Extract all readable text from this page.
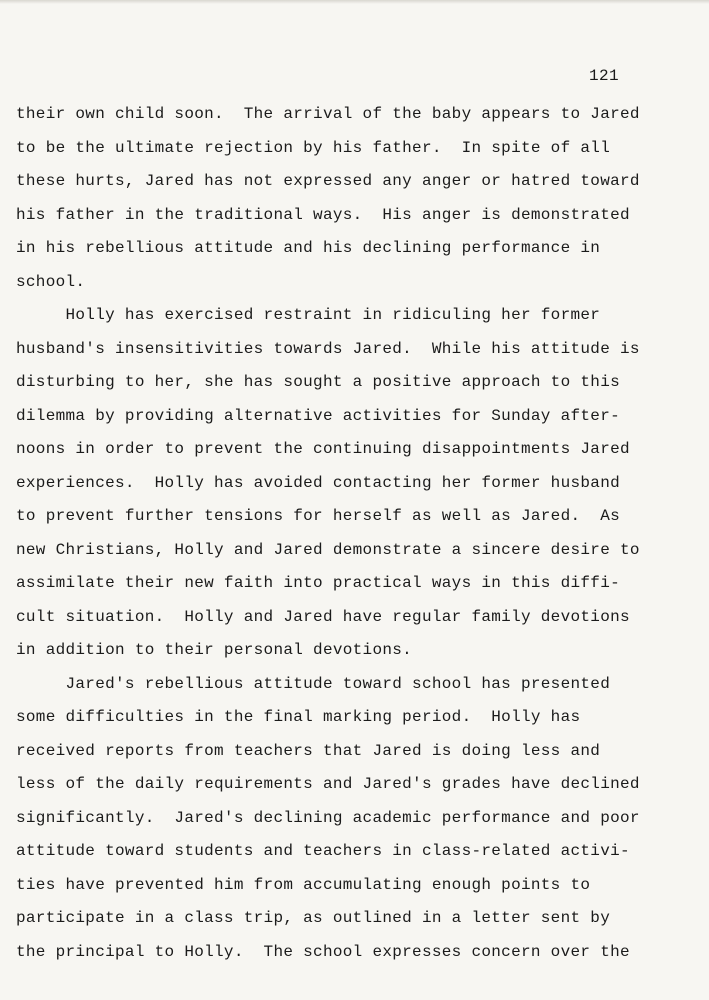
121
their own child soon.  The arrival of the baby appears to Jared
to be the ultimate rejection by his father.  In spite of all
these hurts, Jared has not expressed any anger or hatred toward
his father in the traditional ways.  His anger is demonstrated
in his rebellious attitude and his declining performance in
school.
Holly has exercised restraint in ridiculing her former
husband's insensitivities towards Jared.  While his attitude is
disturbing to her, she has sought a positive approach to this
dilemma by providing alternative activities for Sunday after-
noons in order to prevent the continuing disappointments Jared
experiences.  Holly has avoided contacting her former husband
to prevent further tensions for herself as well as Jared.  As
new Christians, Holly and Jared demonstrate a sincere desire to
assimilate their new faith into practical ways in this diffi-
cult situation.  Holly and Jared have regular family devotions
in addition to their personal devotions.
Jared's rebellious attitude toward school has presented
some difficulties in the final marking period.  Holly has
received reports from teachers that Jared is doing less and
less of the daily requirements and Jared's grades have declined
significantly.  Jared's declining academic performance and poor
attitude toward students and teachers in class-related activi-
ties have prevented him from accumulating enough points to
participate in a class trip, as outlined in a letter sent by
the principal to Holly.  The school expresses concern over the
